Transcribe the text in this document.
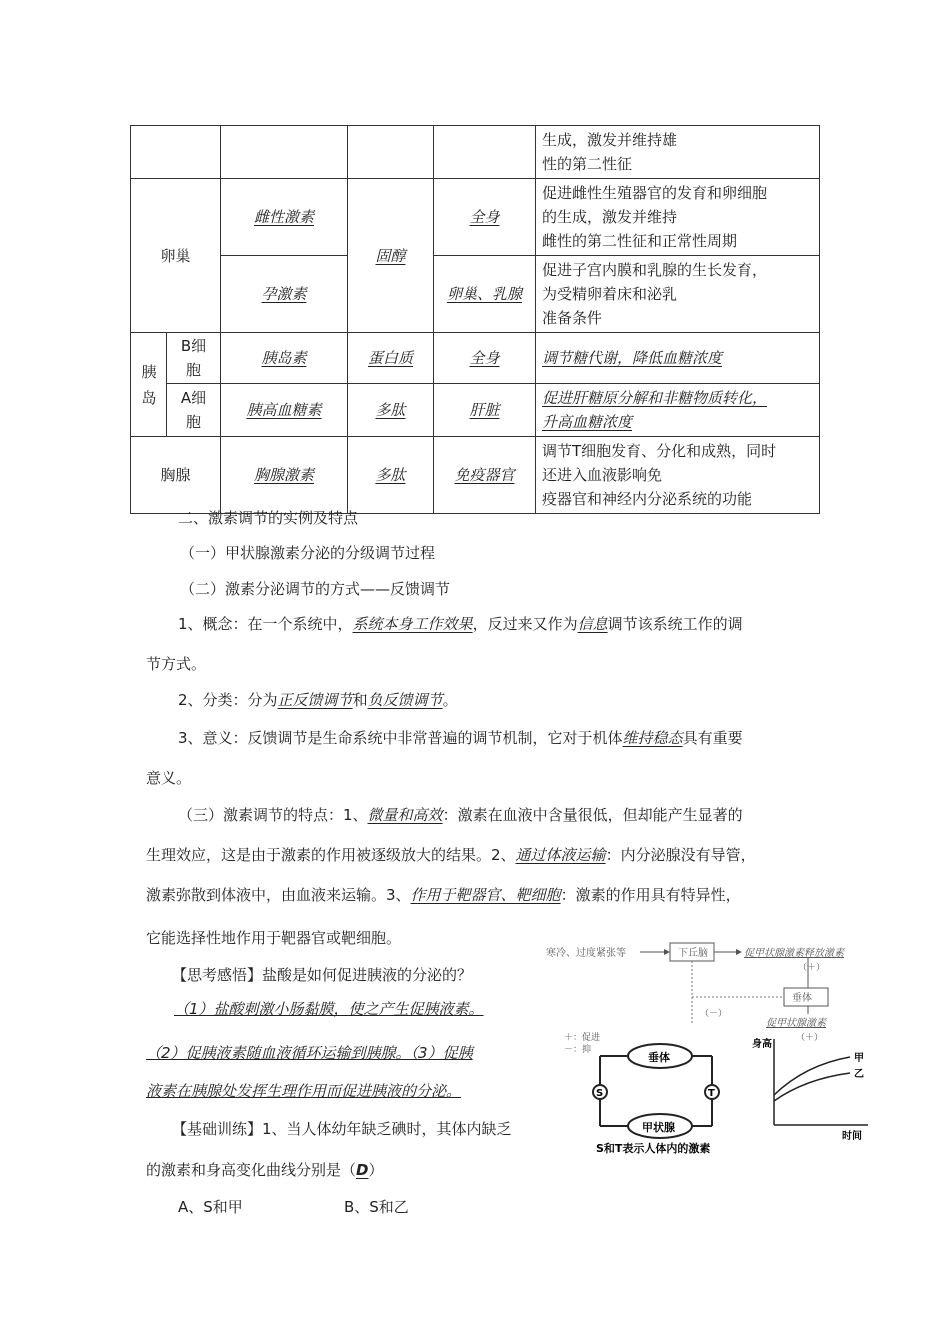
					生成，激发并维持雄
性的第二性征

卵巢		雌性激素	固醇	全身	促进雌性生殖器官的发育和卵细胞
的生成，激发并维持
雌性的第二性征和正常性周期

		孕激素		卵巢、乳腺	促进子宫内膜和乳腺的生长发育，
为受精卵着床和泌乳
准备条件

胰岛	B细胞	胰岛素	蛋白质	全身	调节糖代谢，降低血糖浓度

	A细胞	胰高血糖素	多肽	肝脏	促进肝糖原分解和非糖物质转化，
升高血糖浓度

胸腺		胸腺激素	多肽	免疫器官	调节T细胞发育、分化和成熟，同时
还进入血液影响免
疫器官和神经内分泌系统的功能
二、激素调节的实例及特点
（一）甲状腺激素分泌的分级调节过程
（二）激素分泌调节的方式——反馈调节
1、概念：在一个系统中，系统本身工作效果，反过来又作为信息调节该系统工作的调
节方式。
2、分类：分为正反馈调节和负反馈调节。
3、意义：反馈调节是生命系统中非常普遍的调节机制，它对于机体维持稳态具有重要
意义。
（三）激素调节的特点：1、微量和高效：激素在血液中含量很低，但却能产生显著的
生理效应，这是由于激素的作用被逐级放大的结果。2、通过体液运输：内分泌腺没有导管，
激素弥散到体液中，由血液来运输。3、作用于靶器官、靶细胞：激素的作用具有特异性，
它能选择性地作用于靶器官或靶细胞。
【思考感悟】盐酸是如何促进胰液的分泌的？
（1）盐酸刺激小肠黏膜，使之产生促胰液素。
（2）促胰液素随血液循环运输到胰腺。（3）促胰
液素在胰腺处发挥生理作用而促进胰液的分泌。
【基础训练】1、当人体幼年缺乏碘时，其体内缺乏
的激素和身高变化曲线分别是（D）
A、S和甲	B、S和乙
寒冷、过度紧张等	下丘脑	促甲状腺激素释放激素
（＋）
垂体
（－）
促甲状腺激素
（＋）
＋：促进
－：抑
垂体
甲状腺
S	T
S和T表示人体内的激素
身高
甲
乙
时间
